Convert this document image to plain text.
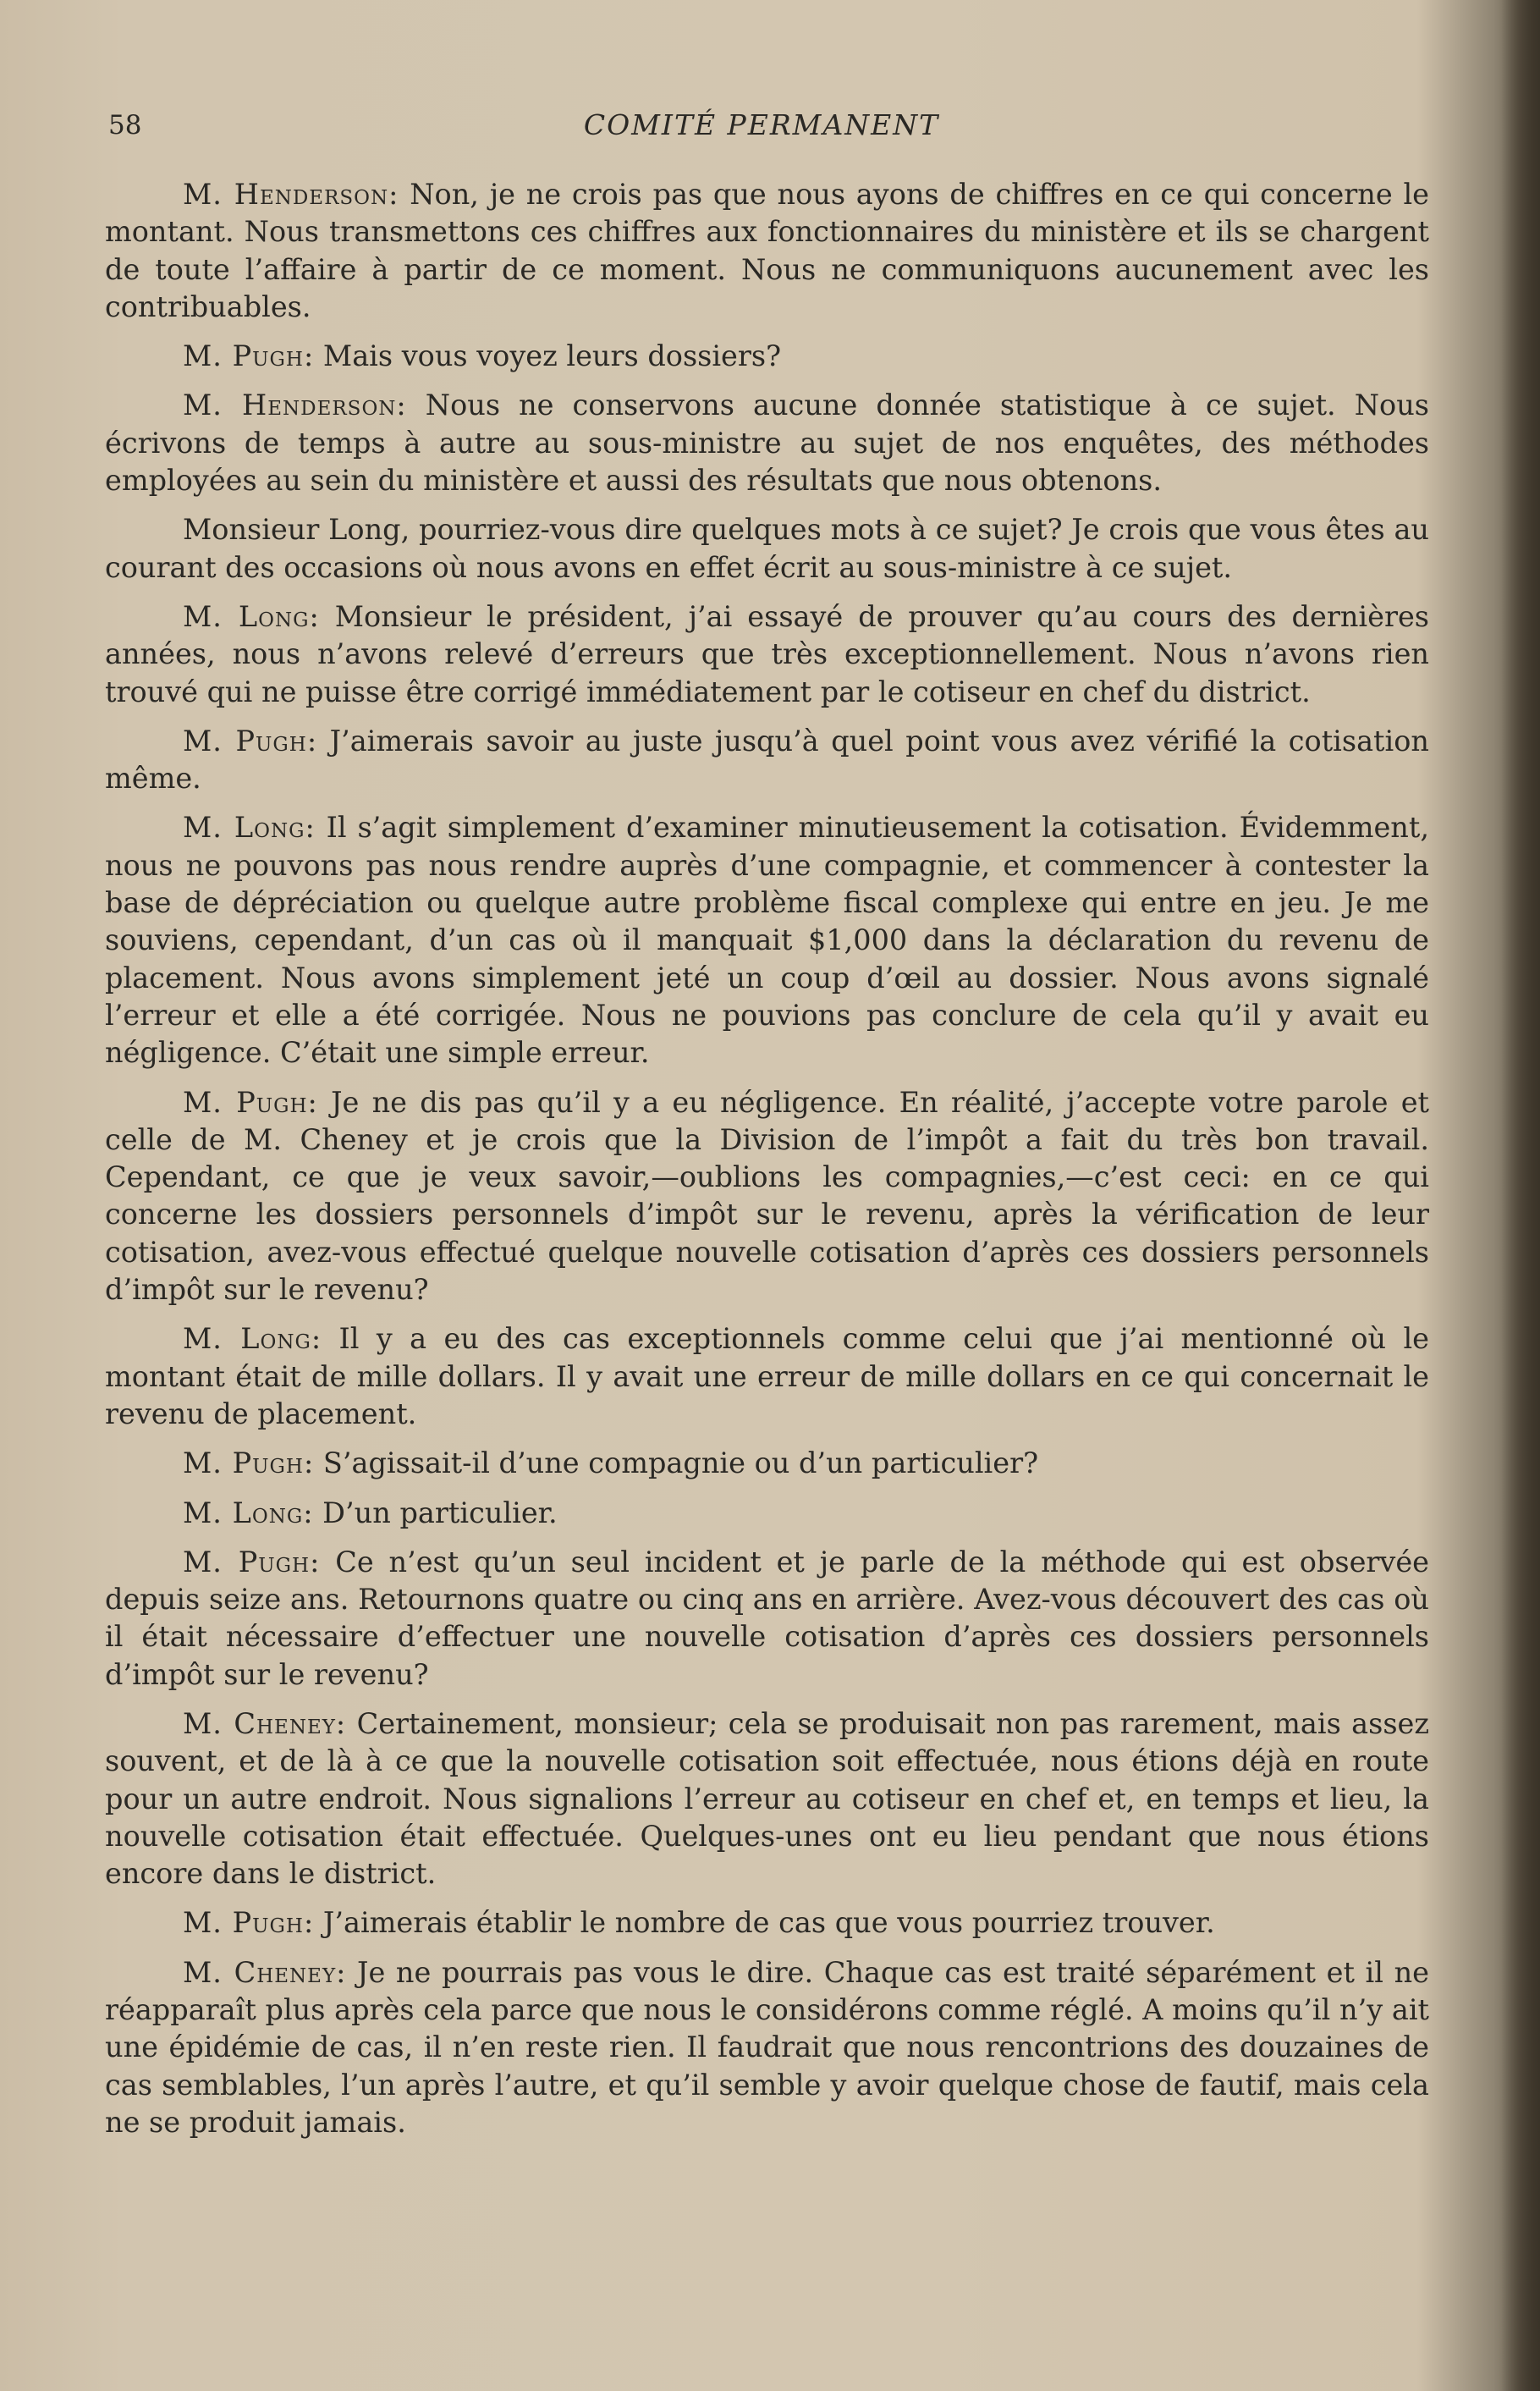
58	COMITÉ PERMANENT

M. Henderson: Non, je ne crois pas que nous ayons de chiffres en ce qui concerne le montant. Nous transmettons ces chiffres aux fonctionnaires du ministère et ils se chargent de toute l’affaire à partir de ce moment. Nous ne communiquons aucunement avec les contribuables.

M. Pugh: Mais vous voyez leurs dossiers?

M. Henderson: Nous ne conservons aucune donnée statistique à ce sujet. Nous écrivons de temps à autre au sous-ministre au sujet de nos enquêtes, des méthodes employées au sein du ministère et aussi des résultats que nous obtenons.

Monsieur Long, pourriez-vous dire quelques mots à ce sujet? Je crois que vous êtes au courant des occasions où nous avons en effet écrit au sous-ministre à ce sujet.

M. Long: Monsieur le président, j’ai essayé de prouver qu’au cours des dernières années, nous n’avons relevé d’erreurs que très exceptionnellement. Nous n’avons rien trouvé qui ne puisse être corrigé immédiatement par le cotiseur en chef du district.

M. Pugh: J’aimerais savoir au juste jusqu’à quel point vous avez vérifié la cotisation même.

M. Long: Il s’agit simplement d’examiner minutieusement la cotisation. Évidemment, nous ne pouvons pas nous rendre auprès d’une compagnie, et commencer à contester la base de dépréciation ou quelque autre problème fiscal complexe qui entre en jeu. Je me souviens, cependant, d’un cas où il manquait $1,000 dans la déclaration du revenu de placement. Nous avons simplement jeté un coup d’œil au dossier. Nous avons signalé l’erreur et elle a été corrigée. Nous ne pouvions pas conclure de cela qu’il y avait eu négligence. C’était une simple erreur.

M. Pugh: Je ne dis pas qu’il y a eu négligence. En réalité, j’accepte votre parole et celle de M. Cheney et je crois que la Division de l’impôt a fait du très bon travail. Cependant, ce que je veux savoir,—oublions les compagnies,—c’est ceci: en ce qui concerne les dossiers personnels d’impôt sur le revenu, après la vérification de leur cotisation, avez-vous effectué quelque nouvelle cotisation d’après ces dossiers personnels d’impôt sur le revenu?

M. Long: Il y a eu des cas exceptionnels comme celui que j’ai mentionné où le montant était de mille dollars. Il y avait une erreur de mille dollars en ce qui concernait le revenu de placement.

M. Pugh: S’agissait-il d’une compagnie ou d’un particulier?

M. Long: D’un particulier.

M. Pugh: Ce n’est qu’un seul incident et je parle de la méthode qui est observée depuis seize ans. Retournons quatre ou cinq ans en arrière. Avez-vous découvert des cas où il était nécessaire d’effectuer une nouvelle cotisation d’après ces dossiers personnels d’impôt sur le revenu?

M. Cheney: Certainement, monsieur; cela se produisait non pas rarement, mais assez souvent, et de là à ce que la nouvelle cotisation soit effectuée, nous étions déjà en route pour un autre endroit. Nous signalions l’erreur au cotiseur en chef et, en temps et lieu, la nouvelle cotisation était effectuée. Quelques-unes ont eu lieu pendant que nous étions encore dans le district.

M. Pugh: J’aimerais établir le nombre de cas que vous pourriez trouver.

M. Cheney: Je ne pourrais pas vous le dire. Chaque cas est traité séparément et il ne réapparaît plus après cela parce que nous le considérons comme réglé. A moins qu’il n’y ait une épidémie de cas, il n’en reste rien. Il faudrait que nous rencontrions des douzaines de cas semblables, l’un après l’autre, et qu’il semble y avoir quelque chose de fautif, mais cela ne se produit jamais.
